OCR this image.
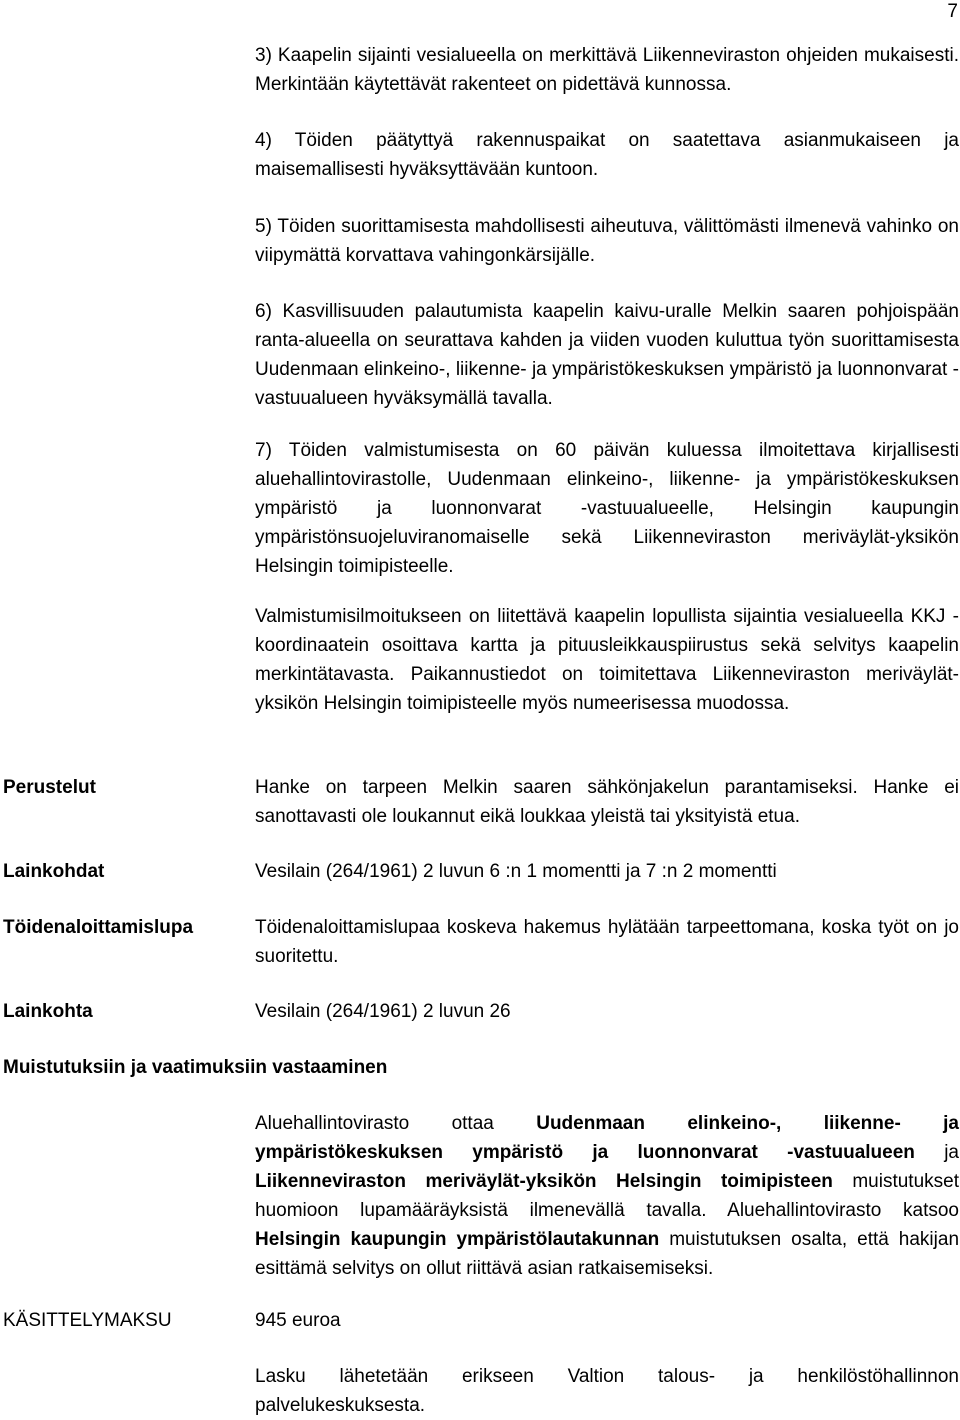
7

3) Kaapelin sijainti vesialueella on merkittävä Liikenneviraston ohjeiden mukaisesti. Merkintään käytettävät rakenteet on pidettävä kunnossa.

4) Töiden päätyttyä rakennuspaikat on saatettava asianmukaiseen ja maisemallisesti hyväksyttävään kuntoon.

5) Töiden suorittamisesta mahdollisesti aiheutuva, välittömästi ilmenevä vahinko on viipymättä korvattava vahingonkärsijälle.

6) Kasvillisuuden palautumista kaapelin kaivu-uralle Melkin saaren pohjoispään ranta-alueella on seurattava kahden ja viiden vuoden kuluttua työn suorittamisesta Uudenmaan elinkeino-, liikenne- ja ympäristökeskuksen ympäristö ja luonnonvarat -vastuualueen hyväksymällä tavalla.

7) Töiden valmistumisesta on 60 päivän kuluessa ilmoitettava kirjallisesti aluehallintovirastolle, Uudenmaan elinkeino-, liikenne- ja ympäristökeskuksen ympäristö ja luonnonvarat -vastuualueelle, Helsingin kaupungin ympäristönsuojeluviranomaiselle sekä Liikenneviraston meriväylät-yksikön Helsingin toimipisteelle.

Valmistumisilmoitukseen on liitettävä kaapelin lopullista sijaintia vesialueella KKJ -koordinaatein osoittava kartta ja pituusleikkauspiirustus sekä selvitys kaapelin merkintätavasta. Paikannustiedot on toimitettava Liikenneviraston meriväylät-yksikön Helsingin toimipisteelle myös numeerisessa muodossa.

Perustelut	Hanke on tarpeen Melkin saaren sähkönjakelun parantamiseksi. Hanke ei sanottavasti ole loukannut eikä loukkaa yleistä tai yksityistä etua.

Lainkohdat	Vesilain (264/1961) 2 luvun 6 :n 1 momentti ja 7 :n 2 momentti

Töidenaloittamislupa	Töidenaloittamislupaa koskeva hakemus hylätään tarpeettomana, koska työt on jo suoritettu.

Lainkohta	Vesilain (264/1961) 2 luvun 26

Muistutuksiin ja vaatimuksiin vastaaminen

Aluehallintovirasto ottaa Uudenmaan elinkeino-, liikenne- ja ympäristökeskuksen ympäristö ja luonnonvarat -vastuualueen ja Liikenneviraston meriväylät-yksikön Helsingin toimipisteen muistutukset huomioon lupamääräyksistä ilmenevällä tavalla. Aluehallintovirasto katsoo Helsingin kaupungin ympäristölautakunnan muistutuksen osalta, että hakijan esittämä selvitys on ollut riittävä asian ratkaisemiseksi.

KÄSITTELYMAKSU	945 euroa

Lasku lähetetään erikseen Valtion talous- ja henkilöstöhallinnon palvelukeskuksesta.
